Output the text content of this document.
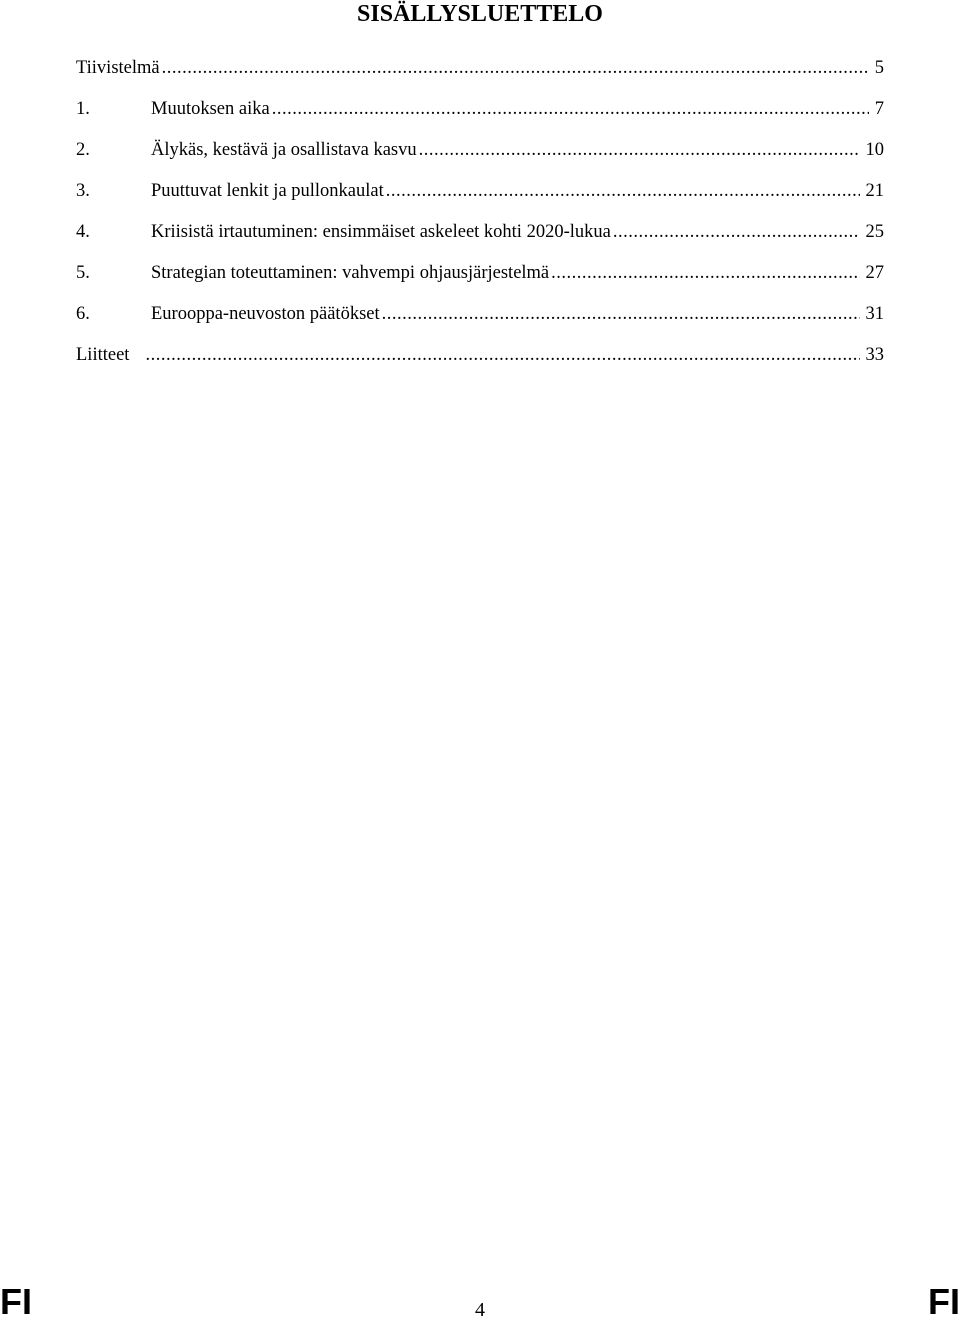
SISÄLLYSLUETTELO
Tiivistelmä .....	5
1.	Muutoksen aika .....	7
2.	Älykäs, kestävä ja osallistava kasvu .....	10
3.	Puuttuvat lenkit ja pullonkaulat .....	21
4.	Kriisistä irtautuminen: ensimmäiset askeleet kohti 2020-lukua .....	25
5.	Strategian toteuttaminen: vahvempi ohjausjärjestelmä .....	27
6.	Eurooppa-neuvoston päätökset .....	31
Liitteet .....	33
FI	4	FI
